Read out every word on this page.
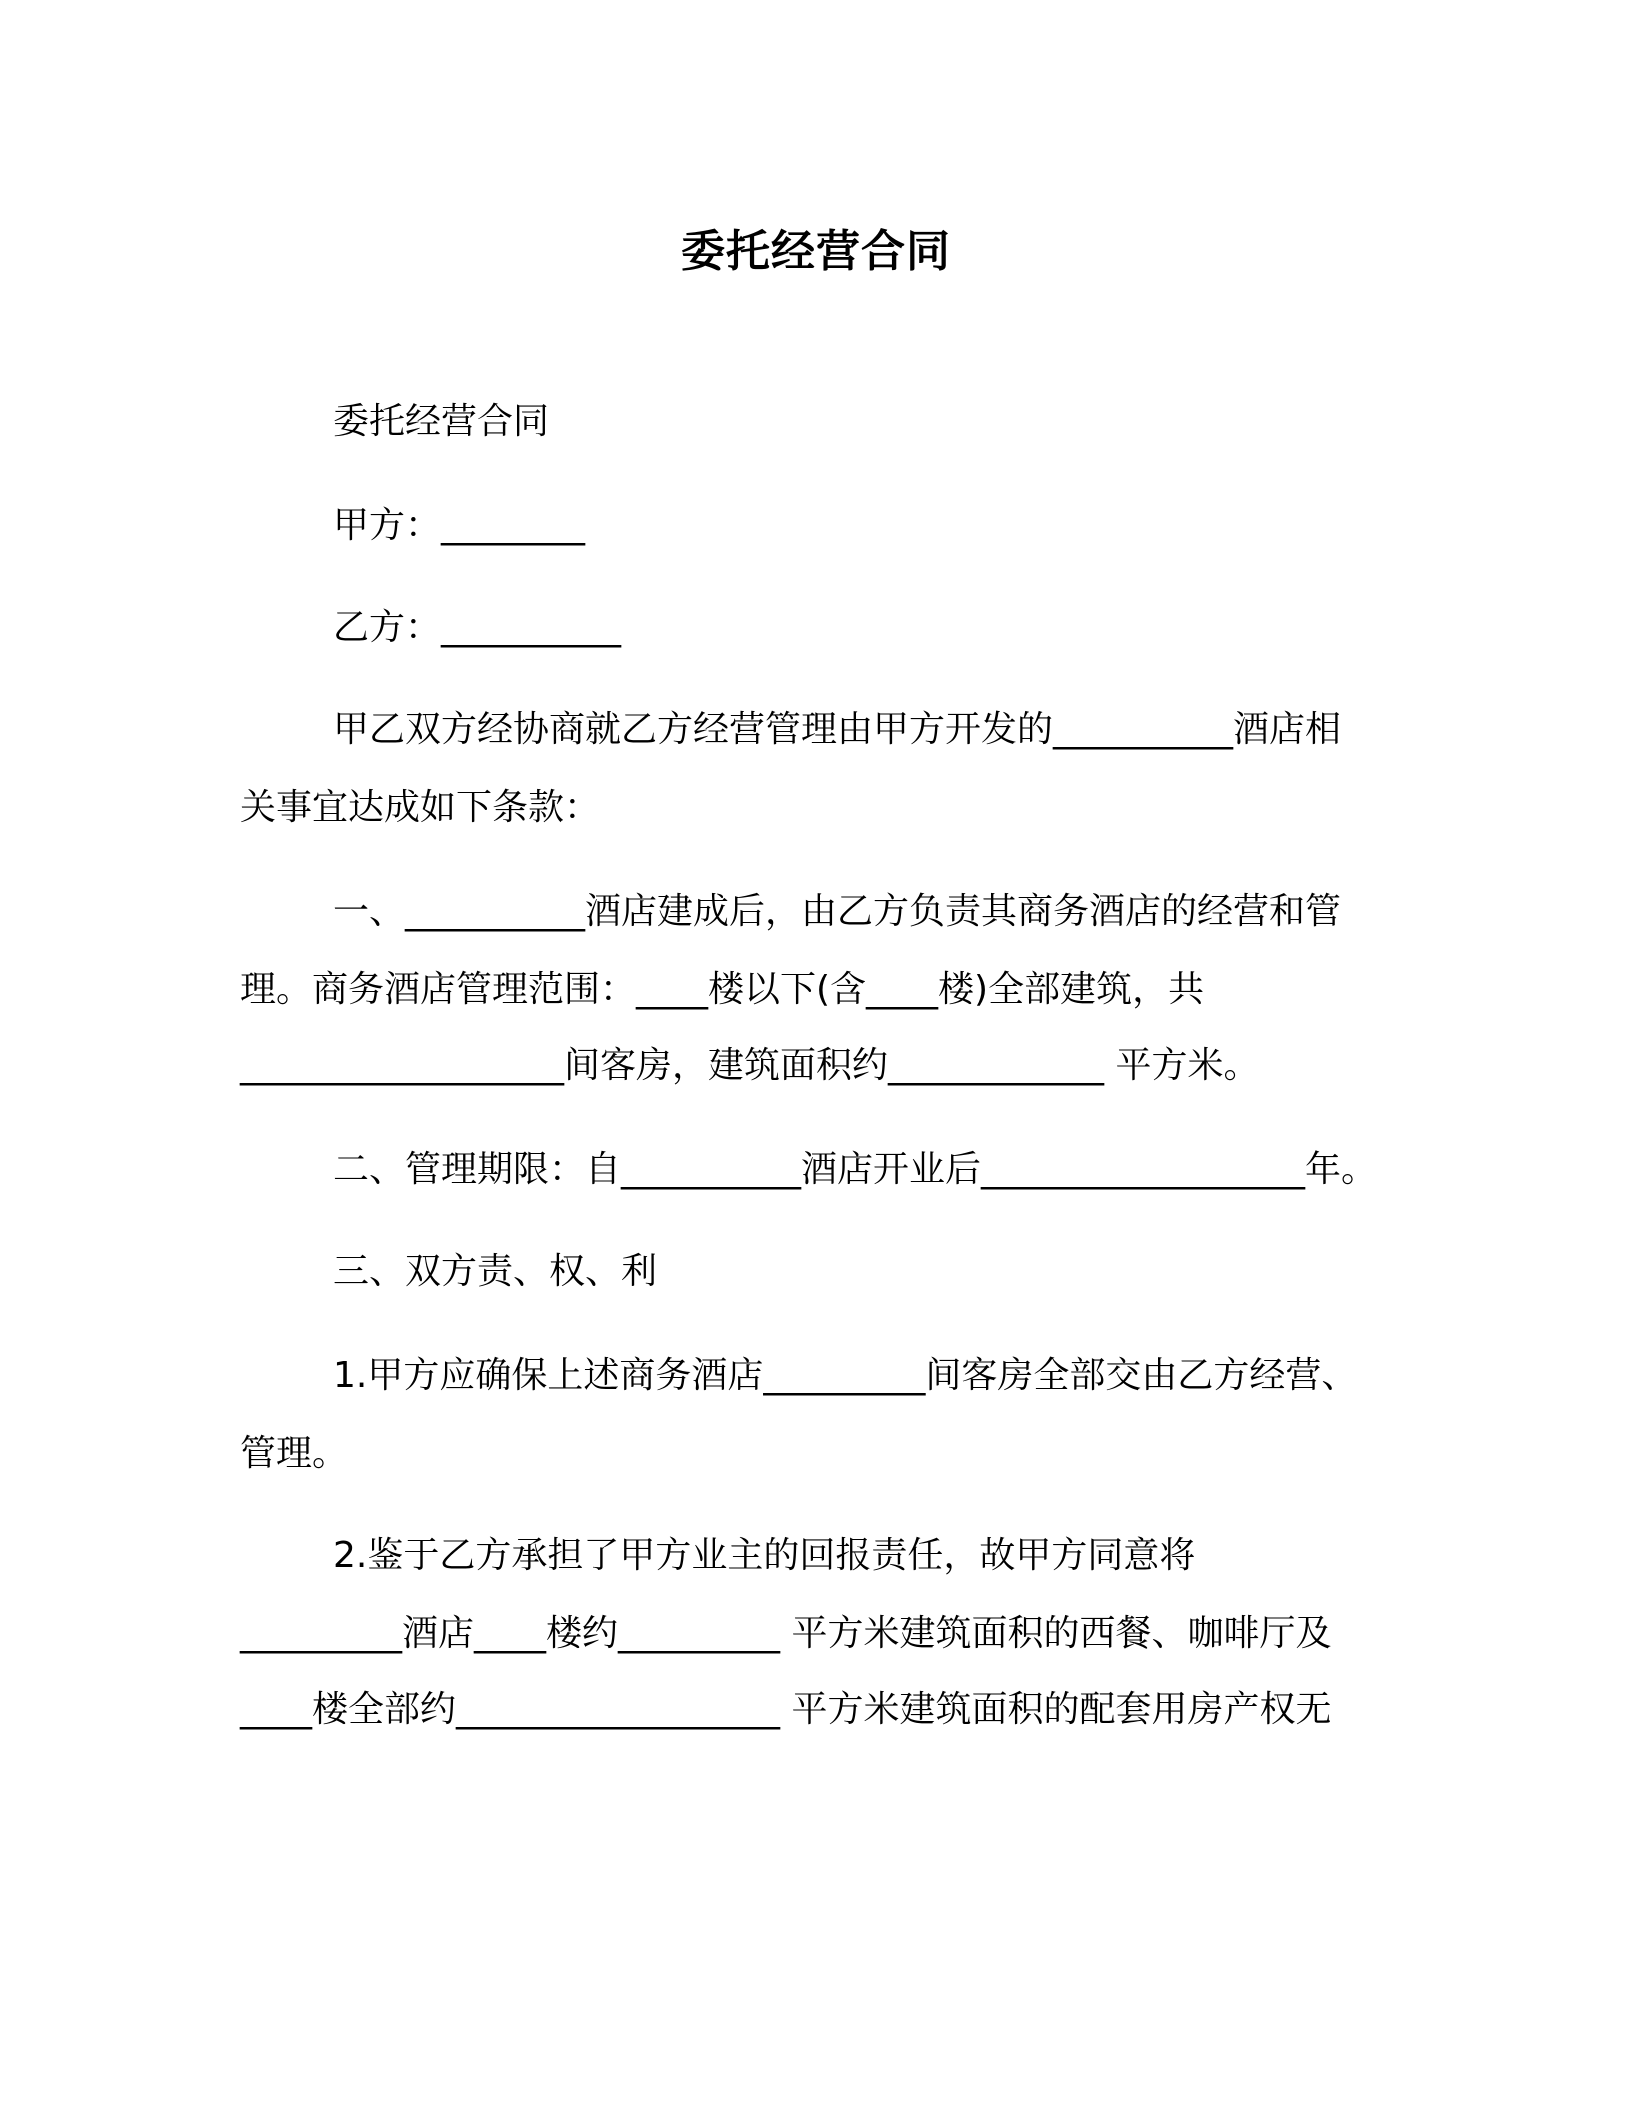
委托经营合同
委托经营合同
甲方：________
乙方：__________
甲乙双方经协商就乙方经营管理由甲方开发的__________酒店相
关事宜达成如下条款：
一、__________酒店建成后，由乙方负责其商务酒店的经营和管
理。商务酒店管理范围：____楼以下(含____楼)全部建筑，共
__________________间客房，建筑面积约____________ 平方米。
二、管理期限：自__________酒店开业后__________________年。
三、双方责、权、利
1.甲方应确保上述商务酒店_________间客房全部交由乙方经营、
管理。
2.鉴于乙方承担了甲方业主的回报责任，故甲方同意将
_________酒店____楼约_________ 平方米建筑面积的西餐、咖啡厅及
____楼全部约__________________ 平方米建筑面积的配套用房产权无
